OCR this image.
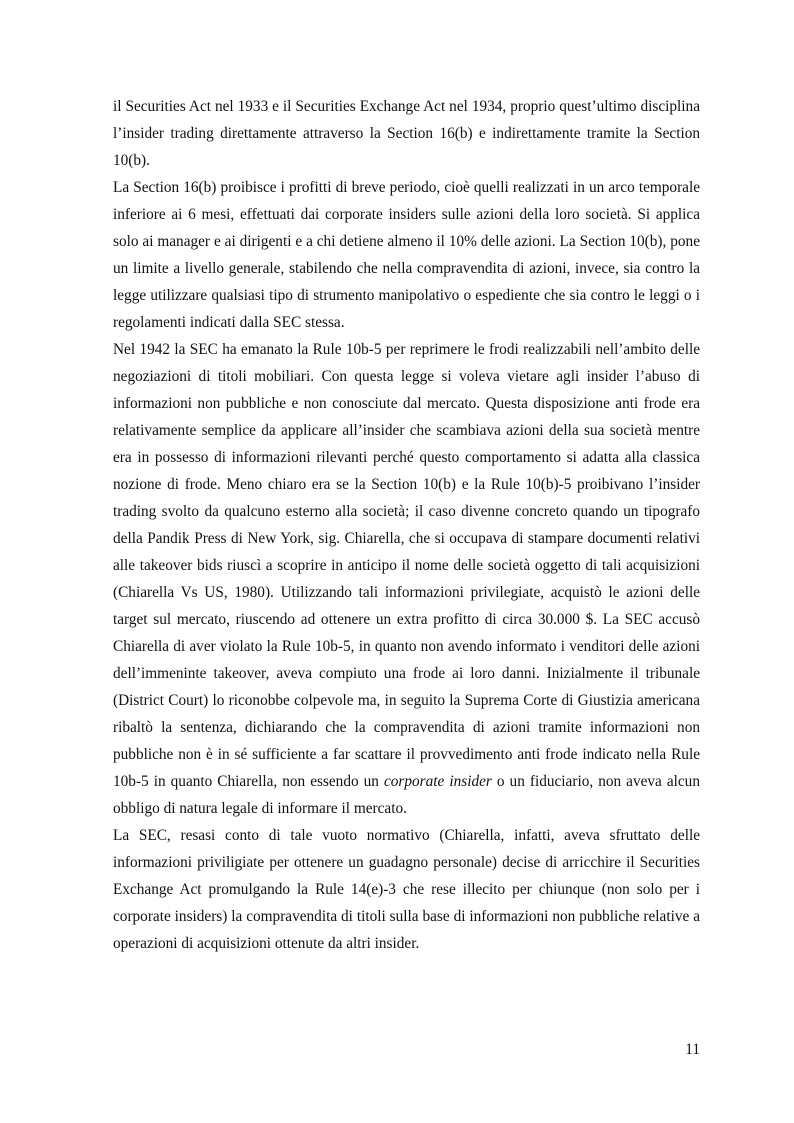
il Securities Act nel 1933 e il Securities Exchange Act nel 1934, proprio quest’ultimo disciplina l’insider trading direttamente attraverso la Section 16(b) e indirettamente tramite la Section 10(b).

La Section 16(b) proibisce i profitti di breve periodo, cioè quelli realizzati in un arco temporale inferiore ai 6 mesi, effettuati dai corporate insiders sulle azioni della loro società. Si applica solo ai manager e ai dirigenti e a chi detiene almeno il 10% delle azioni. La Section 10(b), pone un limite a livello generale, stabilendo che nella compravendita di azioni, invece, sia contro la legge utilizzare qualsiasi tipo di strumento manipolativo o espediente che sia contro le leggi o i regolamenti indicati dalla SEC stessa.

Nel 1942 la SEC ha emanato la Rule 10b-5 per reprimere le frodi realizzabili nell’ambito delle negoziazioni di titoli mobiliari. Con questa legge si voleva vietare agli insider l’abuso di informazioni non pubbliche e non conosciute dal mercato. Questa disposizione anti frode era relativamente semplice da applicare all’insider che scambiava azioni della sua società mentre era in possesso di informazioni rilevanti perché questo comportamento si adatta alla classica nozione di frode. Meno chiaro era se la Section 10(b) e la Rule 10(b)-5 proibivano l’insider trading svolto da qualcuno esterno alla società; il caso divenne concreto quando un tipografo della Pandik Press di New York, sig. Chiarella, che si occupava di stampare documenti relativi alle takeover bids riuscì a scoprire in anticipo il nome delle società oggetto di tali acquisizioni (Chiarella Vs US, 1980). Utilizzando tali informazioni privilegiate, acquistò le azioni delle target sul mercato, riuscendo ad ottenere un extra profitto di circa 30.000 $. La SEC accusò Chiarella di aver violato la Rule 10b-5, in quanto non avendo informato i venditori delle azioni dell’immeninte takeover, aveva compiuto una frode ai loro danni. Inizialmente il tribunale (District Court) lo riconobbe colpevole ma, in seguito la Suprema Corte di Giustizia americana ribaltò la sentenza, dichiarando che la compravendita di azioni tramite informazioni non pubbliche non è in sé sufficiente a far scattare il provvedimento anti frode indicato nella Rule 10b-5 in quanto Chiarella, non essendo un corporate insider o un fiduciario, non aveva alcun obbligo di natura legale di informare il mercato.

La SEC, resasi conto di tale vuoto normativo (Chiarella, infatti, aveva sfruttato delle informazioni priviligiate per ottenere un guadagno personale) decise di arricchire il Securities Exchange Act promulgando la Rule 14(e)-3 che rese illecito per chiunque (non solo per i corporate insiders) la compravendita di titoli sulla base di informazioni non pubbliche relative a operazioni di acquisizioni ottenute da altri insider.

11
